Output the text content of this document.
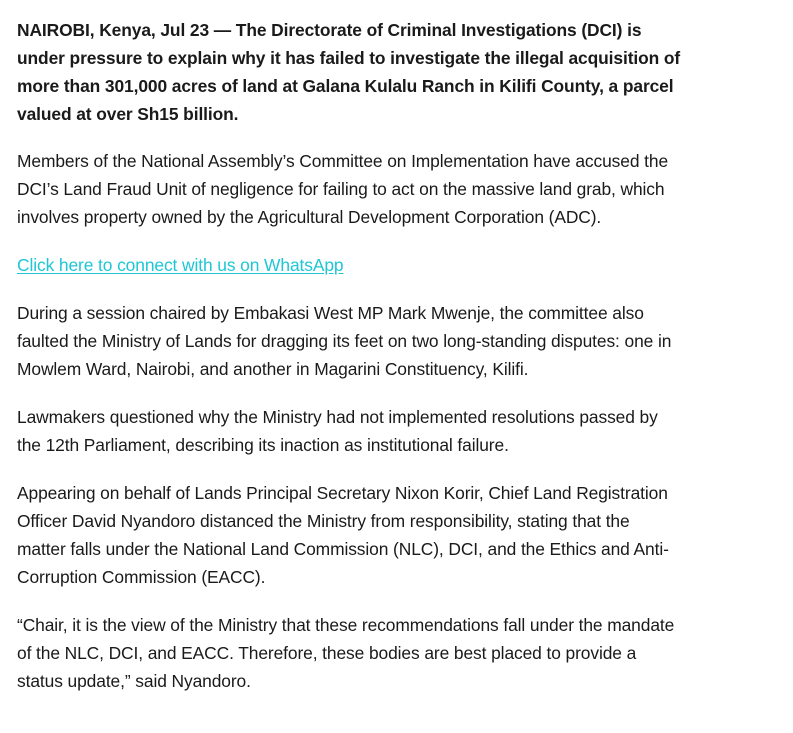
NAIROBI, Kenya, Jul 23 — The Directorate of Criminal Investigations (DCI) is under pressure to explain why it has failed to investigate the illegal acquisition of more than 301,000 acres of land at Galana Kulalu Ranch in Kilifi County, a parcel valued at over Sh15 billion.

Members of the National Assembly’s Committee on Implementation have accused the DCI’s Land Fraud Unit of negligence for failing to act on the massive land grab, which involves property owned by the Agricultural Development Corporation (ADC).

Click here to connect with us on WhatsApp

During a session chaired by Embakasi West MP Mark Mwenje, the committee also faulted the Ministry of Lands for dragging its feet on two long-standing disputes: one in Mowlem Ward, Nairobi, and another in Magarini Constituency, Kilifi.

Lawmakers questioned why the Ministry had not implemented resolutions passed by the 12th Parliament, describing its inaction as institutional failure.

Appearing on behalf of Lands Principal Secretary Nixon Korir, Chief Land Registration Officer David Nyandoro distanced the Ministry from responsibility, stating that the matter falls under the National Land Commission (NLC), DCI, and the Ethics and Anti-Corruption Commission (EACC).

“Chair, it is the view of the Ministry that these recommendations fall under the mandate of the NLC, DCI, and EACC. Therefore, these bodies are best placed to provide a status update,” said Nyandoro.
